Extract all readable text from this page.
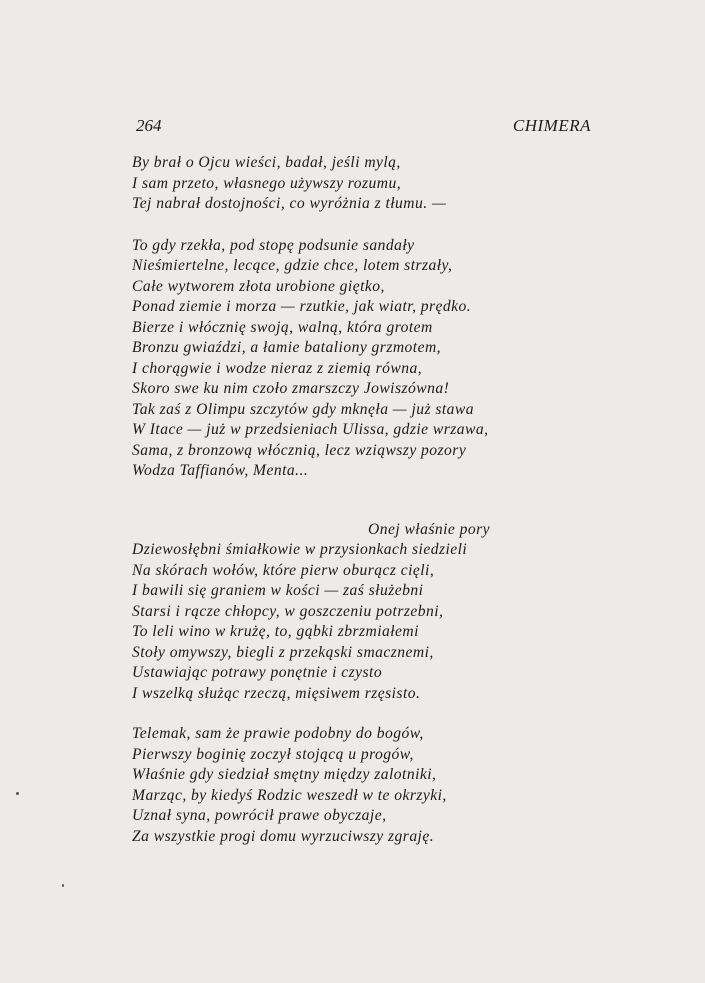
264	CHIMERA
By brał o Ojcu wieści, badał, jeśli mylą,
I sam przeto, własnego używszy rozumu,
Tej nabrał dostojności, co wyróżnia z tłumu. —
To gdy rzekła, pod stopę podsunie sandały
Nieśmiertelne, lecące, gdzie chce, lotem strzały,
Całe wytworem złota urobione giętko,
Ponad ziemie i morza — rzutkie, jak wiatr, prędko.
Bierze i włócznię swoją, walną, która grotem
Bronzu gwiaździ, a łamie bataliony grzmotem,
I chorągwie i wodze nieraz z ziemią równa,
Skoro swe ku nim czoło zmarszczy Jowiszówna!
Tak zaś z Olimpu szczytów gdy mknęła — już stawa
W Itace — już w przedsieniach Ulissa, gdzie wrzawa,
Sama, z bronzową włócznią, lecz wziąwszy pozory
Wodza Taffianów, Menta...
Onej właśnie pory
Dziewosłębni śmiałkowie w przysionkach siedzieli
Na skórach wołów, które pierw oburącz cięli,
I bawili się graniem w kości — zaś służebni
Starsi i rącze chłopcy, w goszczeniu potrzebni,
To leli wino w krużę, to, gąbki zbrzmiałemi
Stoły omywszy, biegli z przekąski smacznemi,
Ustawiając potrawy ponętnie i czysto
I wszelką służąc rzeczą, mięsiwem rzęsisto.
Telemak, sam że prawie podobny do bogów,
Pierwszy boginię zoczył stojącą u progów,
Właśnie gdy siedział smętny między zalotniki,
Marząc, by kiedyś Rodzic weszedł w te okrzyki,
Uznał syna, powrócił prawe obyczaje,
Za wszystkie progi domu wyrzuciwszy zgraję.
